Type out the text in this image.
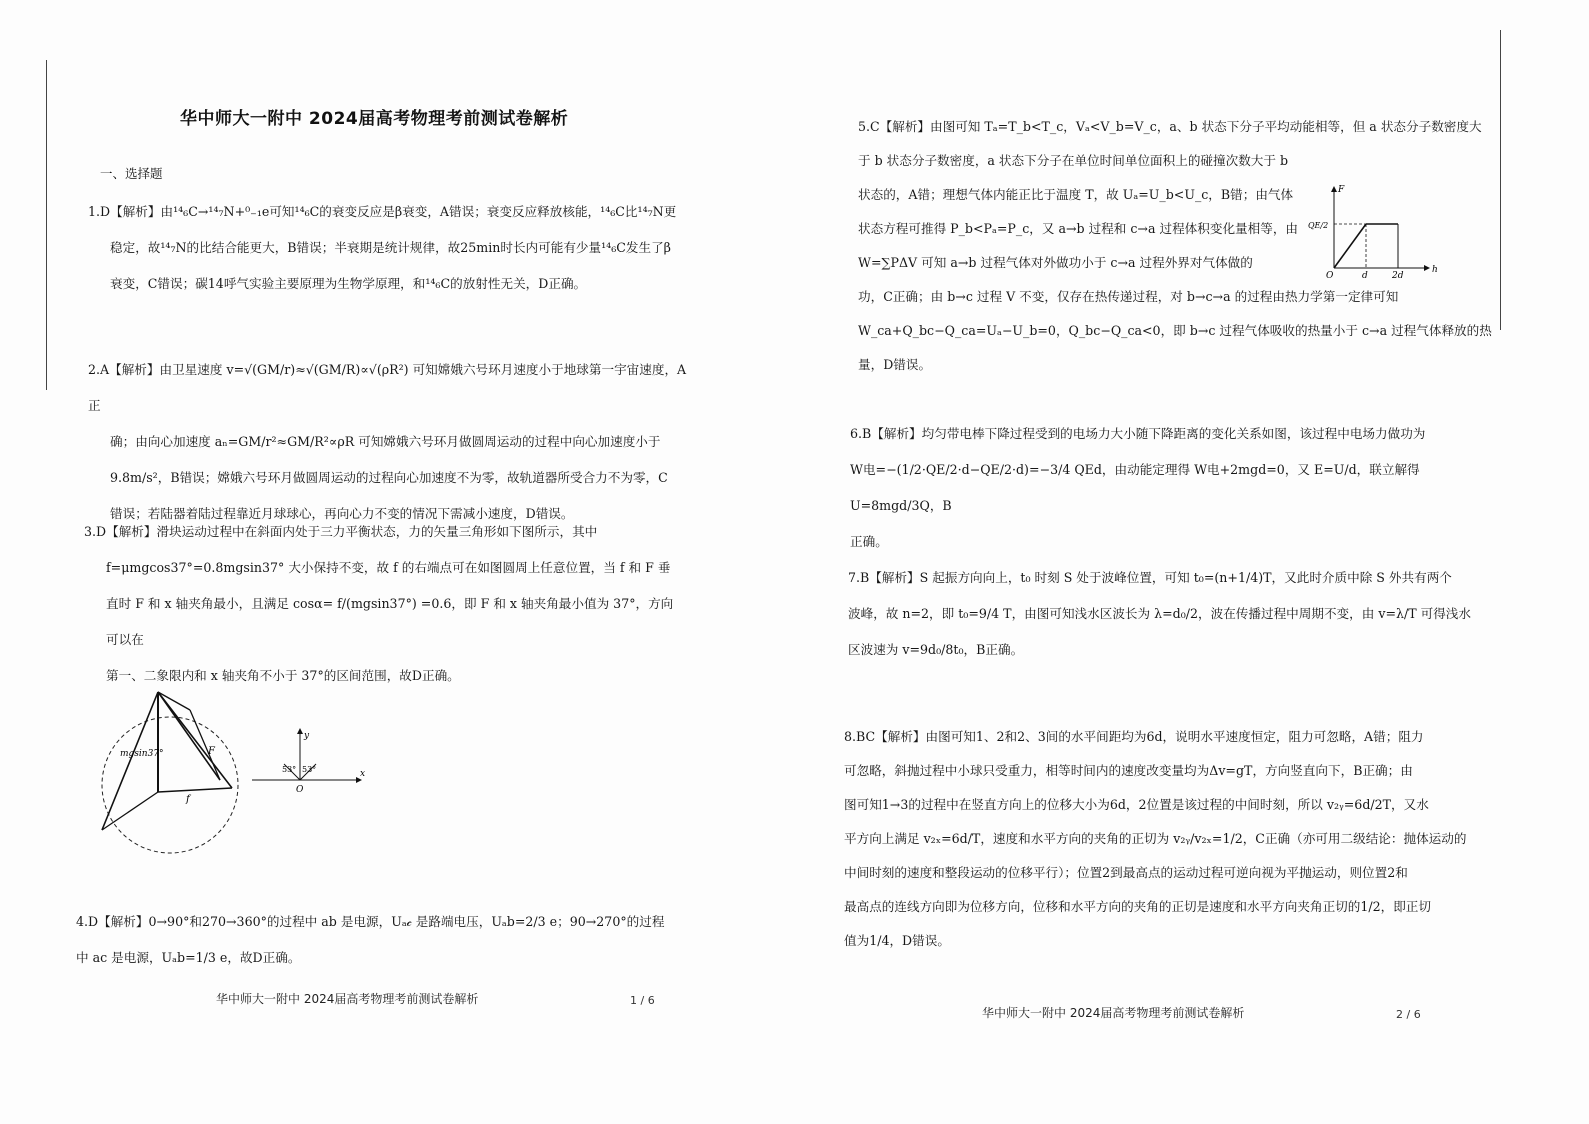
华中师大一附中 2024届高考物理考前测试卷解析
一、选择题

1.D【解析】由¹⁴₆C→¹⁴₇N+⁰₋₁e可知¹⁴₆C的衰变反应是β衰变，A错误；衰变反应释放核能，¹⁴₆C比¹⁴₇N更

稳定，故¹⁴₇N的比结合能更大，B错误；半衰期是统计规律，故25min时长内可能有少量¹⁴₆C发生了β

衰变，C错误；碳14呼气实验主要原理为生物学原理，和¹⁴₆C的放射性无关，D正确。

2.A【解析】由卫星速度 v=√(GM/r)≈√(GM/R)∝√(ρR²) 可知嫦娥六号环月速度小于地球第一宇宙速度，A正

确；由向心加速度 aₙ=GM/r²≈GM/R²∝ρR 可知嫦娥六号环月做圆周运动的过程中向心加速度小于

9.8m/s²，B错误；嫦娥六号环月做圆周运动的过程向心加速度不为零，故轨道器所受合力不为零，C

错误；若陆器着陆过程靠近月球球心，再向心力不变的情况下需减小速度，D错误。

3.D【解析】滑块运动过程中在斜面内处于三力平衡状态，力的矢量三角形如下图所示，其中

f=μmgcos37°=0.8mgsin37° 大小保持不变，故 f 的右端点可在如图圆周上任意位置，当 f 和 F 垂

直时 F 和 x 轴夹角最小，且满足 cosα= f/(mgsin37°) =0.6，即 F 和 x 轴夹角最小值为 37°，方向可以在

第一、二象限内和 x 轴夹角不小于 37°的区间范围，故D正确。

mgsin37°	F
f
x
y
O
53° 53°

4.D【解析】0→90°和270→360°的过程中 ab 是电源，Uₐ𝒸 是路端电压，Uₐb=2/3 e；90→270°的过程

中 ac 是电源，Uₐb=1/3 e，故D正确。

华中师大一附中 2024届高考物理考前测试卷解析	1 / 6

5.C【解析】由图可知 Tₐ=T_b<T_c，Vₐ<V_b=V_c，a、b 状态下分子平均动能相等，但 a 状态分子数密度大

于 b 状态分子数密度，a 状态下分子在单位时间单位面积上的碰撞次数大于 b

状态的，A错；理想气体内能正比于温度 T，故 Uₐ=U_b<U_c，B错；由气体

状态方程可推得 P_b<Pₐ=P_c，又 a→b 过程和 c→a 过程体积变化量相等，由

W=∑PΔV 可知 a→b 过程气体对外做功小于 c→a 过程外界对气体做的

功，C正确；由 b→c 过程 V 不变，仅存在热传递过程，对 b→c→a 的过程由热力学第一定律可知

W_ca+Q_bc−Q_ca=Uₐ−U_b=0，Q_bc−Q_ca<0，即 b→c 过程气体吸收的热量小于 c→a 过程气体释放的热

量，D错误。

F
QE/2
O	d	2d
h

6.B【解析】均匀带电棒下降过程受到的电场力大小随下降距离的变化关系如图，该过程中电场力做功为

W电=−(1/2·QE/2·d−QE/2·d)=−3/4 QEd，由动能定理得 W电+2mgd=0，又 E=U/d，联立解得 U=8mgd/3Q，B

正确。

7.B【解析】S 起振方向向上，t₀ 时刻 S 处于波峰位置，可知 t₀=(n+1/4)T，又此时介质中除 S 外共有两个

波峰，故 n=2，即 t₀=9/4 T，由图可知浅水区波长为 λ=d₀/2，波在传播过程中周期不变，由 v=λ/T 可得浅水

区波速为 v=9d₀/8t₀，B正确。

8.BC【解析】由图可知1、2和2、3间的水平间距均为6d，说明水平速度恒定，阻力可忽略，A错；阻力

可忽略，斜抛过程中小球只受重力，相等时间内的速度改变量均为Δv=gT，方向竖直向下，B正确；由

图可知1→3的过程中在竖直方向上的位移大小为6d，2位置是该过程的中间时刻，所以 v₂ᵧ=6d/2T，又水

平方向上满足 v₂ₓ=6d/T，速度和水平方向的夹角的正切为 v₂ᵧ/v₂ₓ=1/2，C正确（亦可用二级结论：抛体运动的

中间时刻的速度和整段运动的位移平行）；位置2到最高点的运动过程可逆向视为平抛运动，则位置2和

最高点的连线方向即为位移方向，位移和水平方向的夹角的正切是速度和水平方向夹角正切的1/2，即正切

值为1/4，D错误。

华中师大一附中 2024届高考物理考前测试卷解析	2 / 6
